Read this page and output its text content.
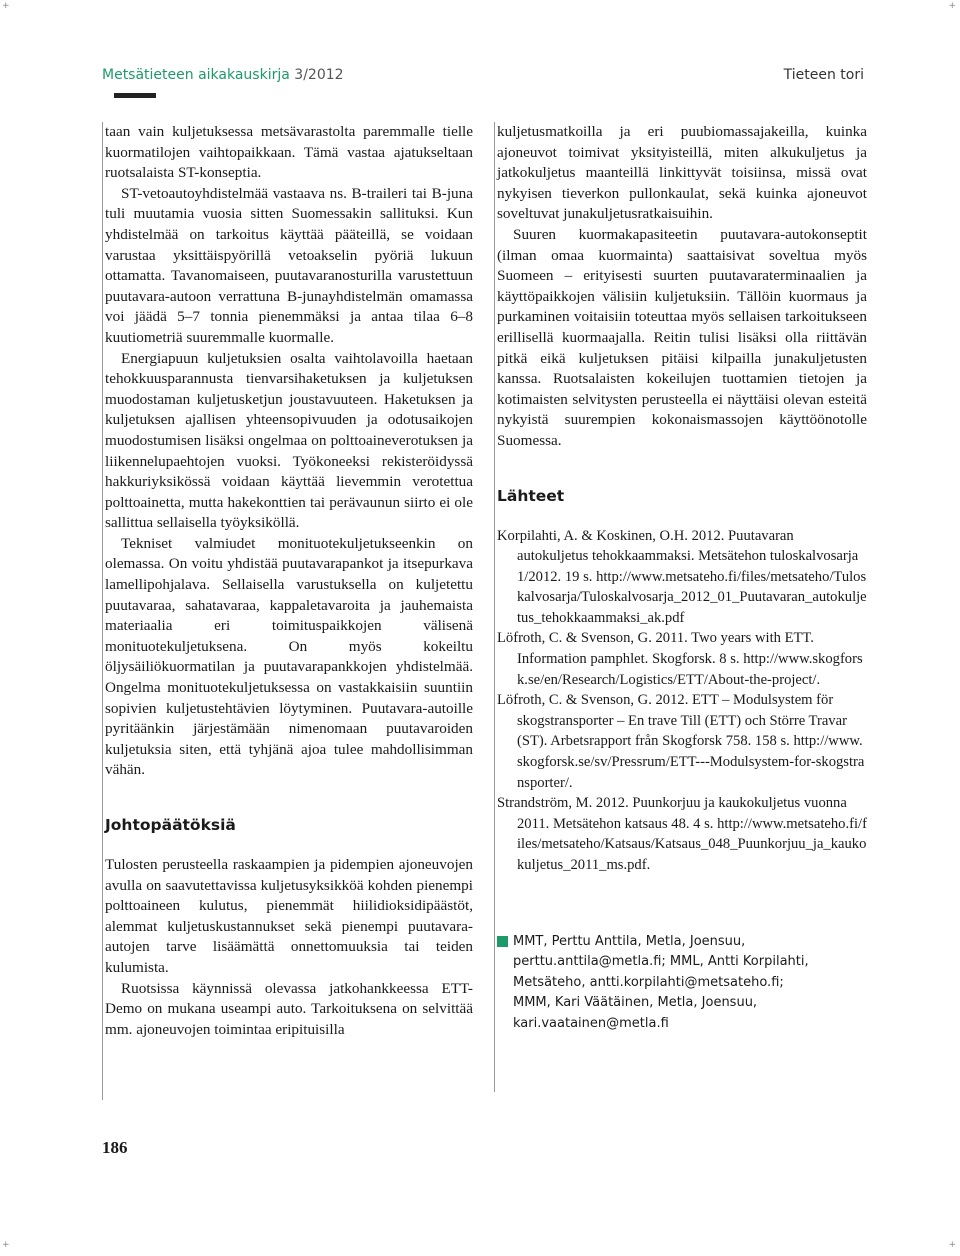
+	+
+	+
Metsätieteen aikakauskirja 3/2012	Tieteen tori

taan vain kuljetuksessa metsävarastolta paremmalle tielle kuormatilojen vaihtopaikkaan. Tämä vastaa ajatukseltaan ruotsalaista ST-konseptia.

ST-vetoautoyhdistelmää vastaava ns. B-traileri tai B-juna tuli muutamia vuosia sitten Suomessakin sallituksi. Kun yhdistelmää on tarkoitus käyttää pääteillä, se voidaan varustaa yksittäispyörillä vetoakselin pyöriä lukuun ottamatta. Tavanomaiseen, puutavaranosturilla varustettuun puutavara-autoon verrattuna B-junayhdistelmän omamassa voi jäädä 5–7 tonnia pienemmäksi ja antaa tilaa 6–8 kuutiometriä suuremmalle kuormalle.

Energiapuun kuljetuksien osalta vaihtolavoilla haetaan tehokkuusparannusta tienvarsihaketuksen ja kuljetuksen muodostaman kuljetusketjun joustavuuteen. Haketuksen ja kuljetuksen ajallisen yhteensopivuuden ja odotusaikojen muodostumisen lisäksi ongelmaa on polttoaineverotuksen ja liikennelupaehtojen vuoksi. Työkoneeksi rekisteröidyssä hakkuriyksikössä voidaan käyttää lievemmin verotettua polttoainetta, mutta hakekonttien tai perävaunun siirto ei ole sallittua sellaisella työyksiköllä.

Tekniset valmiudet monituotekuljetukseenkin on olemassa. On voitu yhdistää puutavarapankot ja itsepurkava lamellipohjalava. Sellaisella varustuksella on kuljetettu puutavaraa, sahatavaraa, kappaletavaroita ja jauhemaista materiaalia eri toimituspaikkojen välisenä monituotekuljetuksena. On myös kokeiltu öljysäiliökuormatilan ja puutavarapankkojen yhdistelmää. Ongelma monituotekuljetuksessa on vastakkaisiin suuntiin sopivien kuljetustehtävien löytyminen. Puutavara-autoille pyritäänkin järjestämään nimenomaan puutavaroiden kuljetuksia siten, että tyhjänä ajoa tulee mahdollisimman vähän.

Johtopäätöksiä

Tulosten perusteella raskaampien ja pidempien ajoneuvojen avulla on saavutettavissa kuljetusyksikköä kohden pienempi polttoaineen kulutus, pienemmät hiilidioksidipäästöt, alemmat kuljetuskustannukset sekä pienempi puutavara-autojen tarve lisäämättä onnettomuuksia tai teiden kulumista.

Ruotsissa käynnissä olevassa jatkohankkeessa ETT-Demo on mukana useampi auto. Tarkoituksena on selvittää mm. ajoneuvojen toimintaa eripituisilla

kuljetusmatkoilla ja eri puubiomassajakeilla, kuinka ajoneuvot toimivat yksityisteillä, miten alkukuljetus ja jatkokuljetus maanteillä linkittyvät toisiinsa, missä ovat nykyisen tieverkon pullonkaulat, sekä kuinka ajoneuvot soveltuvat junakuljetusratkaisuihin.

Suuren kuormakapasiteetin puutavara-autokonseptit (ilman omaa kuormainta) saattaisivat soveltua myös Suomeen – erityisesti suurten puutavaraterminaalien ja käyttöpaikkojen välisiin kuljetuksiin. Tällöin kuormaus ja purkaminen voitaisiin toteuttaa myös sellaisen tarkoitukseen erillisellä kuormaajalla. Reitin tulisi lisäksi olla riittävän pitkä eikä kuljetuksen pitäisi kilpailla junakuljetusten kanssa. Ruotsalaisten kokeilujen tuottamien tietojen ja kotimaisten selvitysten perusteella ei näyttäisi olevan esteitä nykyistä suurempien kokonaismassojen käyttöönotolle Suomessa.

Lähteet

Korpilahti, A. & Koskinen, O.H. 2012. Puutavaran autokuljetus tehokkaammaksi. Metsätehon tuloskalvosarja 1/2012. 19 s. http://www.metsateho.fi/files/metsateho/Tuloskalvosarja/Tuloskalvosarja_2012_01_Puutavaran_autokuljetus_tehokkaammaksi_ak.pdf

Löfroth, C. & Svenson, G. 2011. Two years with ETT. Information pamphlet. Skogforsk. 8 s. http://www.skogforsk.se/en/Research/Logistics/ETT/About-the-project/.

Löfroth, C. & Svenson, G. 2012. ETT – Modulsystem för skogstransporter – En trave Till (ETT) och Större Travar (ST). Arbetsrapport från Skogforsk 758. 158 s. http://www.skogforsk.se/sv/Pressrum/ETT---Modulsystem-for-skogstransporter/.

Strandström, M. 2012. Puunkorjuu ja kaukokuljetus vuonna 2011. Metsätehon katsaus 48. 4 s. http://www.metsateho.fi/files/metsateho/Katsaus/Katsaus_048_Puunkorjuu_ja_kaukokuljetus_2011_ms.pdf.

MMT, Perttu Anttila, Metla, Joensuu,
perttu.anttila@metla.fi; MML, Antti Korpilahti,
Metsäteho, antti.korpilahti@metsateho.fi;
MMM, Kari Väätäinen, Metla, Joensuu,
kari.vaatainen@metla.fi
186
